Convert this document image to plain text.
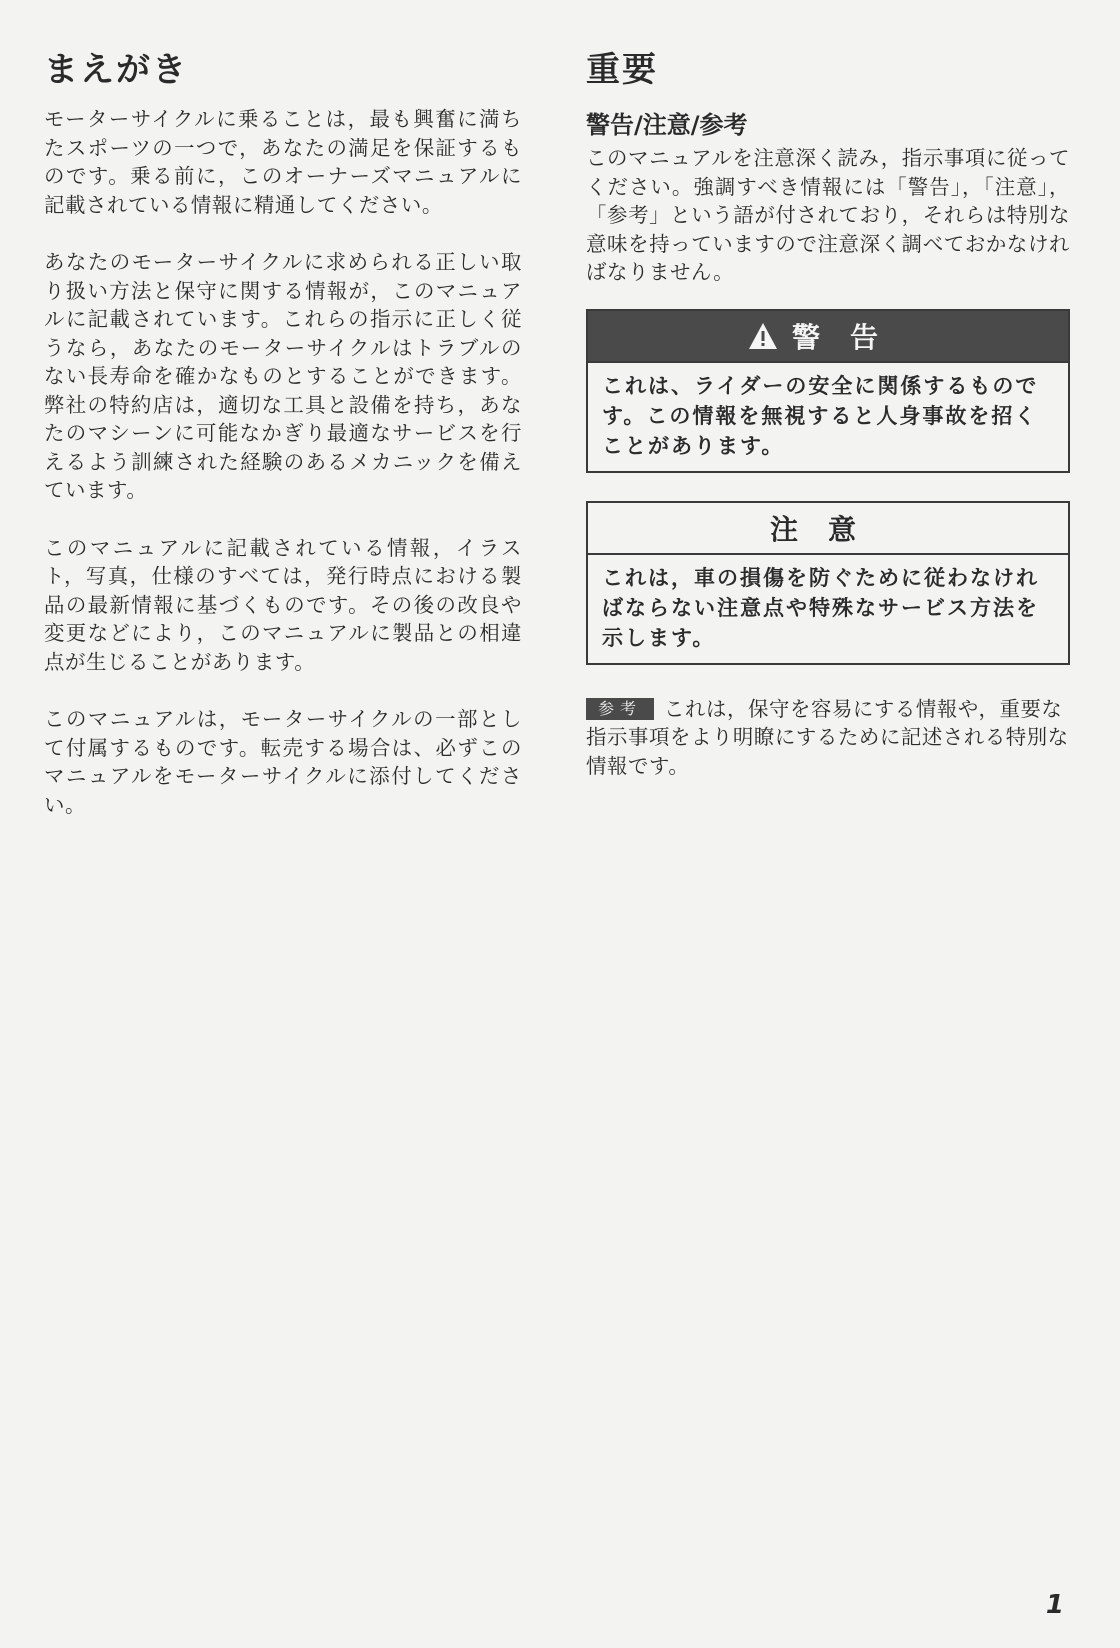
まえがき

モーターサイクルに乗ることは，最も興奮に満ちたスポーツの一つで，あなたの満足を保証するものです。乗る前に，このオーナーズマニュアルに記載されている情報に精通してください。

あなたのモーターサイクルに求められる正しい取り扱い方法と保守に関する情報が，このマニュアルに記載されています。これらの指示に正しく従うなら，あなたのモーターサイクルはトラブルのない長寿命を確かなものとすることができます。弊社の特約店は，適切な工具と設備を持ち，あなたのマシーンに可能なかぎり最適なサービスを行えるよう訓練された経験のあるメカニックを備えています。

このマニュアルに記載されている情報，イラスト，写真，仕様のすべては，発行時点における製品の最新情報に基づくものです。その後の改良や変更などにより，このマニュアルに製品との相違点が生じることがあります。

このマニュアルは，モーターサイクルの一部として付属するものです。転売する場合は、必ずこのマニュアルをモーターサイクルに添付してください。

重要
警告/注意/参考

このマニュアルを注意深く読み，指示事項に従ってください。強調すべき情報には「警告」，「注意」，「参考」という語が付されており，それらは特別な意味を持っていますので注意深く調べておかなければなりません。

警告
これは、ライダーの安全に関係するものです。この情報を無視すると人身事故を招くことがあります。
注意
これは，車の損傷を防ぐために従わなければならない注意点や特殊なサービス方法を示します。
参考 これは，保守を容易にする情報や，重要な指示事項をより明瞭にするために記述される特別な情報です。
1
